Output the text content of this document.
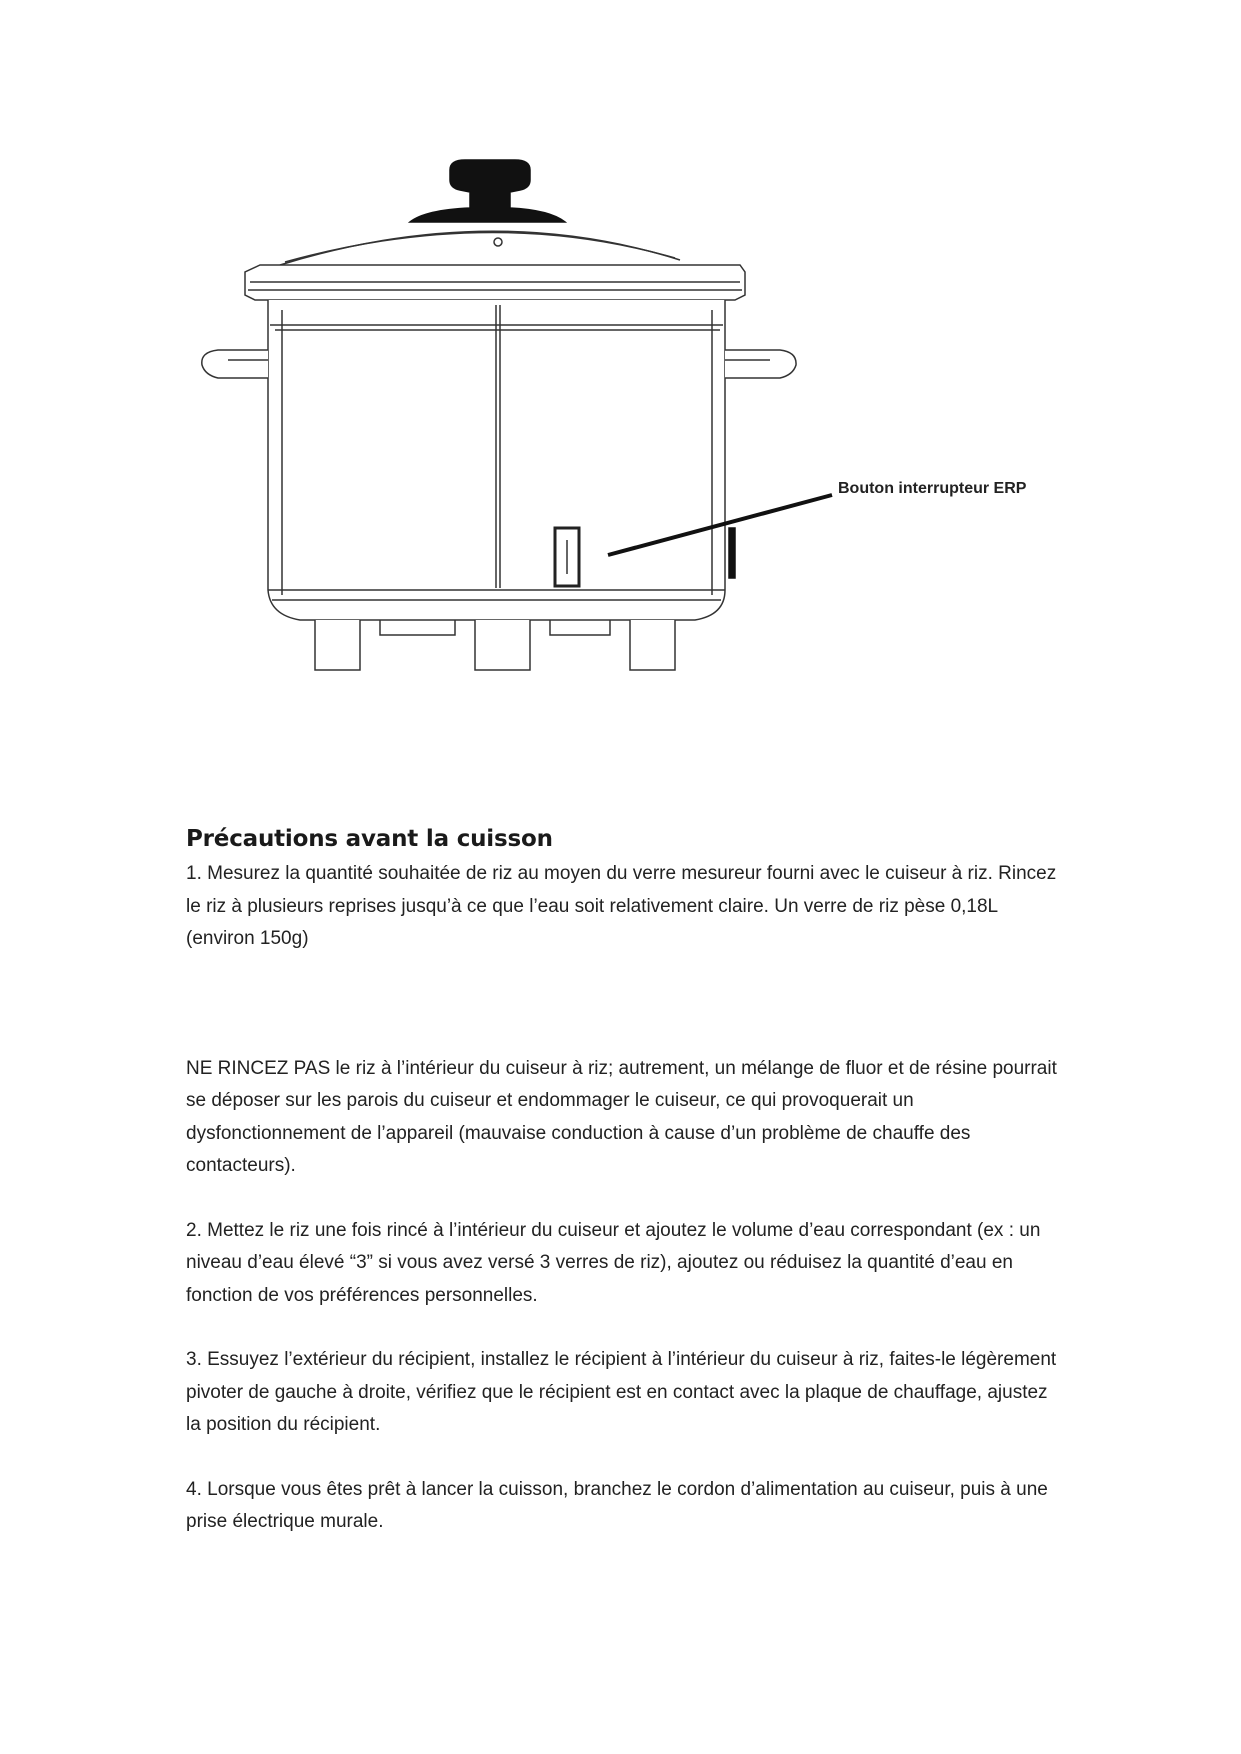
Bouton interrupteur ERP
Précautions avant la cuisson

1. Mesurez la quantité souhaitée de riz au moyen du verre mesureur fourni avec le cuiseur à riz. Rincez le riz à plusieurs reprises jusqu’à ce que l’eau soit relativement claire. Un verre de riz pèse 0,18L (environ 150g)

NE RINCEZ PAS le riz à l’intérieur du cuiseur à riz; autrement, un mélange de fluor et de résine pourrait se déposer sur les parois du cuiseur et endommager le cuiseur, ce qui provoquerait un dysfonctionnement de l’appareil (mauvaise conduction à cause d’un problème de chauffe des contacteurs).

2. Mettez le riz une fois rincé à l’intérieur du cuiseur et ajoutez le volume d’eau correspondant (ex : un niveau d’eau élevé “3” si vous avez versé 3 verres de riz), ajoutez ou réduisez la quantité d’eau en fonction de vos préférences personnelles.

3. Essuyez l’extérieur du récipient, installez le récipient à l’intérieur du cuiseur à riz, faites-le légèrement pivoter de gauche à droite, vérifiez que le récipient est en contact avec la plaque de chauffage, ajustez la position du récipient.

4. Lorsque vous êtes prêt à lancer la cuisson, branchez le cordon d’alimentation au cuiseur, puis à une prise électrique murale.
